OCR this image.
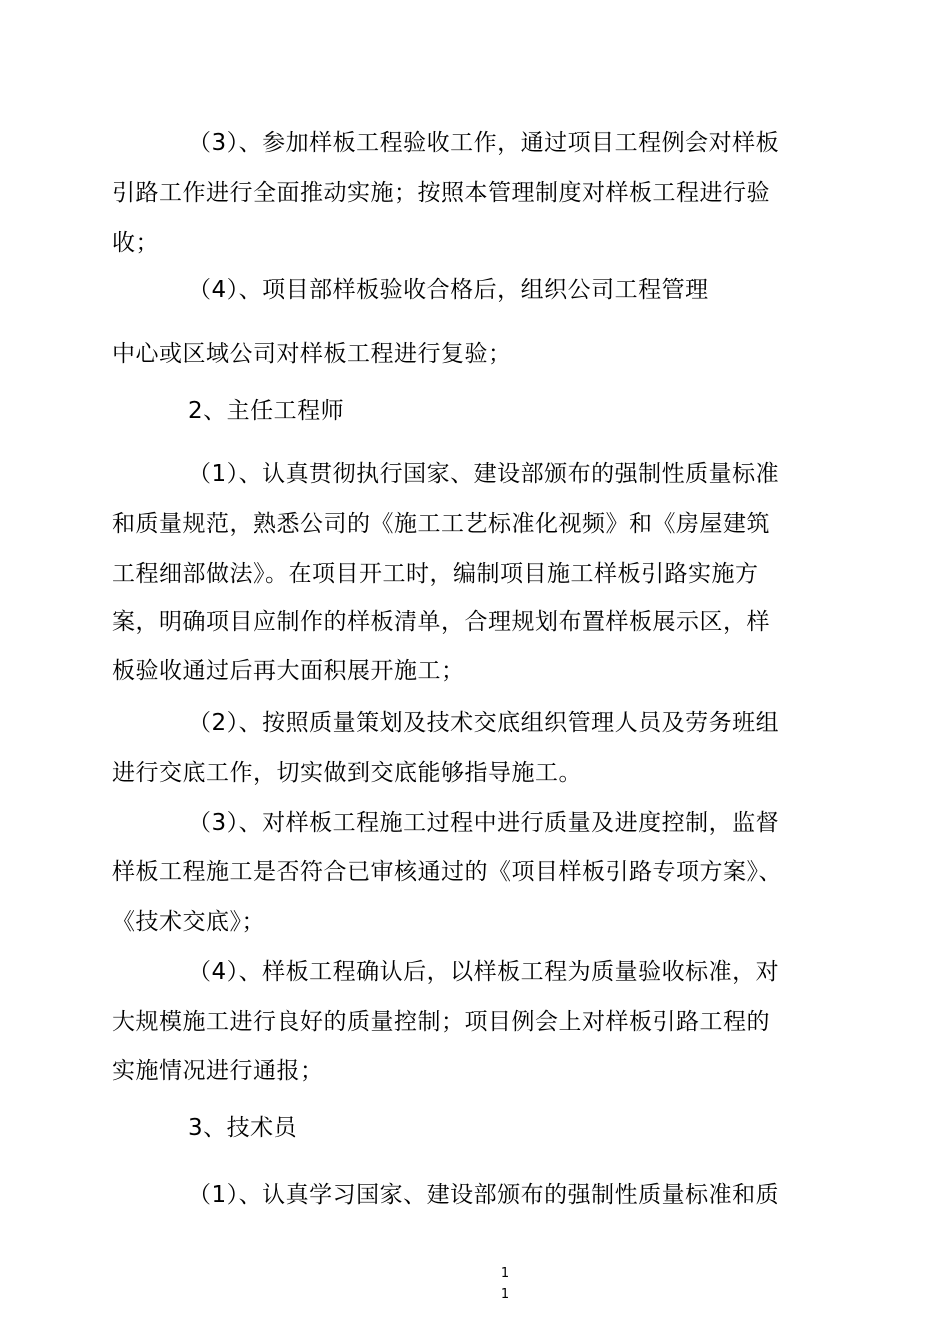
（3）、参加样板工程验收工作，通过项目工程例会对样板

引路工作进行全面推动实施；按照本管理制度对样板工程进行验

收；

（4）、项目部样板验收合格后，组织公司工程管理

中心或区域公司对样板工程进行复验；

2、主任工程师

（1）、认真贯彻执行国家、建设部颁布的强制性质量标准

和质量规范，熟悉公司的《施工工艺标准化视频》和《房屋建筑

工程细部做法》。在项目开工时，编制项目施工样板引路实施方

案，明确项目应制作的样板清单，合理规划布置样板展示区，样

板验收通过后再大面积展开施工；

（2）、按照质量策划及技术交底组织管理人员及劳务班组

进行交底工作，切实做到交底能够指导施工。

（3）、对样板工程施工过程中进行质量及进度控制，监督

样板工程施工是否符合已审核通过的《项目样板引路专项方案》、

《技术交底》；

（4）、样板工程确认后，以样板工程为质量验收标准，对

大规模施工进行良好的质量控制；项目例会上对样板引路工程的

实施情况进行通报；

3、技术员

（1）、认真学习国家、建设部颁布的强制性质量标准和质

1
1
